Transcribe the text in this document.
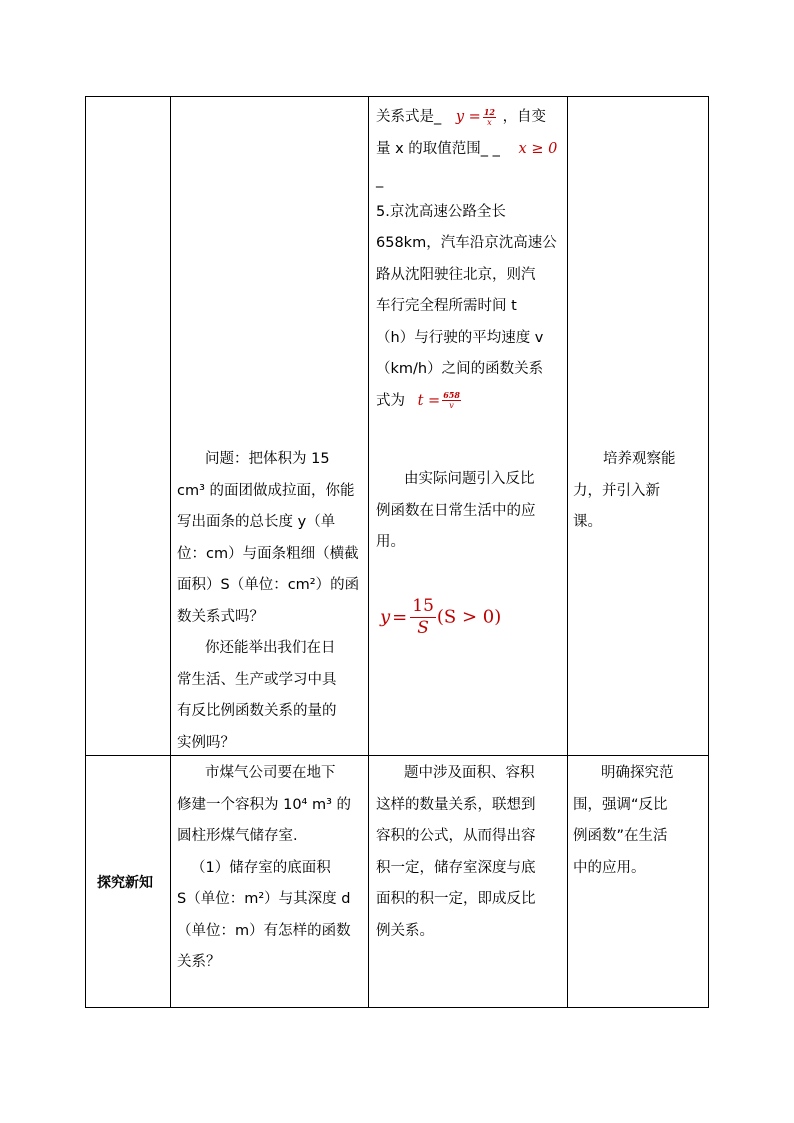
关系式是_ $y = \frac{12}{x}$ ，自变
量 x 的取值范围_ _ x ≥ 0
_
5.京沈高速公路全长
658km，汽车沿京沈高速公
路从沈阳驶往北京，则汽
车行完全程所需时间 t
（h）与行驶的平均速度 v
（km/h）之间的函数关系
式为 $t = \frac{658}{v}$
问题：把体积为 15
cm³ 的面团做成拉面，你能
写出面条的总长度 y（单
位：cm）与面条粗细（横截
面积）S（单位：cm²）的函
数关系式吗？
你还能举出我们在日
常生活、生产或学习中具
有反比例函数关系的量的
实例吗？
由实际问题引入反比
例函数在日常生活中的应
用。
$y = \frac{15}{S} (S > 0)$
培养观察能
力，并引入新
课。
探究新知
市煤气公司要在地下
修建一个容积为 10⁴ m³ 的
圆柱形煤气储存室.
（1）储存室的底面积
S（单位：m²）与其深度 d
（单位：m）有怎样的函数
关系？
题中涉及面积、容积
这样的数量关系，联想到
容积的公式，从而得出容
积一定，储存室深度与底
面积的积一定，即成反比
例关系。
明确探究范
围，强调“反比
例函数”在生活
中的应用。
